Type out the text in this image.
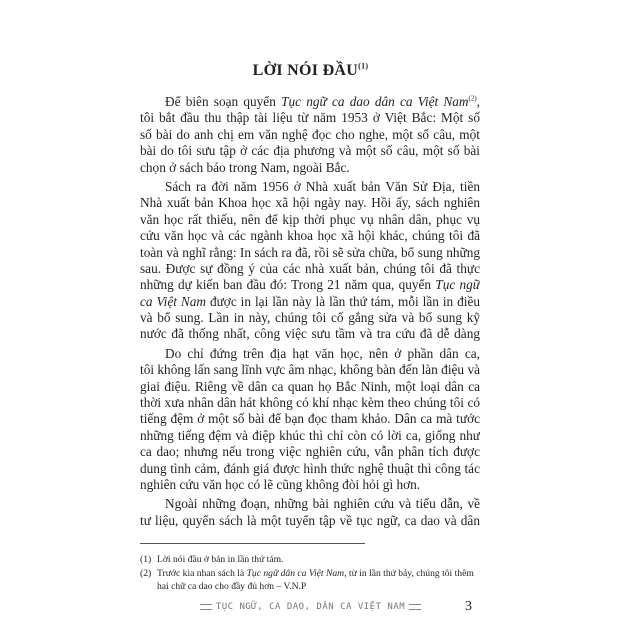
LỜI NÓI ĐẦU$^{(1)}$
Để biên soạn quyển Tục ngữ ca dao dân ca Việt Nam$^{(2)}$,
tôi bắt đầu thu thập tài liệu từ năm 1953 ở Việt Bắc: Một số
số bài do anh chị em văn nghệ đọc cho nghe, một số câu, một
bài do tôi sưu tập ở các địa phương và một số câu, một số bài
chọn ở sách báo trong Nam, ngoài Bắc.
Sách ra đời năm 1956 ở Nhà xuất bản Văn Sử Địa, tiền
Nhà xuất bản Khoa học xã hội ngày nay. Hồi ấy, sách nghiên
văn học rất thiếu, nên để kịp thời phục vụ nhân dân, phục vụ
cứu văn học và các ngành khoa học xã hội khác, chúng tôi đã
toàn và nghĩ rằng: In sách ra đã, rồi sẽ sửa chữa, bổ sung những
sau. Được sự đồng ý của các nhà xuất bản, chúng tôi đã thực
những dự kiến ban đầu đó: Trong 21 năm qua, quyển Tục ngữ
ca Việt Nam được in lại lần này là lần thứ tám, mỗi lần in điều
và bổ sung. Lần in này, chúng tôi cố gắng sửa và bổ sung kỹ
nước đã thống nhất, công việc sưu tầm và tra cứu đã dễ dàng
Do chỉ đứng trên địa hạt văn học, nên ở phần dân ca,
tôi không lấn sang lĩnh vực âm nhạc, không bàn đến làn điệu và
giai điệu. Riêng về dân ca quan họ Bắc Ninh, một loại dân ca
thời xưa nhân dân hát không có khí nhạc kèm theo chúng tôi có
tiếng đệm ở một số bài để bạn đọc tham khảo. Dân ca mà tước
những tiếng đệm và điệp khúc thì chỉ còn có lời ca, giống như
ca dao; nhưng nếu trong việc nghiên cứu, vẫn phân tích được
dung tình cảm, đánh giá được hình thức nghệ thuật thì công tác
nghiên cứu văn học có lẽ cũng không đòi hỏi gì hơn.
Ngoài những đoạn, những bài nghiên cứu và tiểu dẫn, về
tư liệu, quyển sách là một tuyển tập về tục ngữ, ca dao và dân
(1) Lời nói đầu ở bản in lần thứ tám.
(2) Trước kia nhan sách là Tục ngữ dân ca Việt Nam, từ in lần thứ bảy, chúng tôi thêm hai chữ ca dao cho đầy đủ hơn – V.N.P
TỤC NGỮ, CA DAO, DÂN CA VIỆT NAM	3
